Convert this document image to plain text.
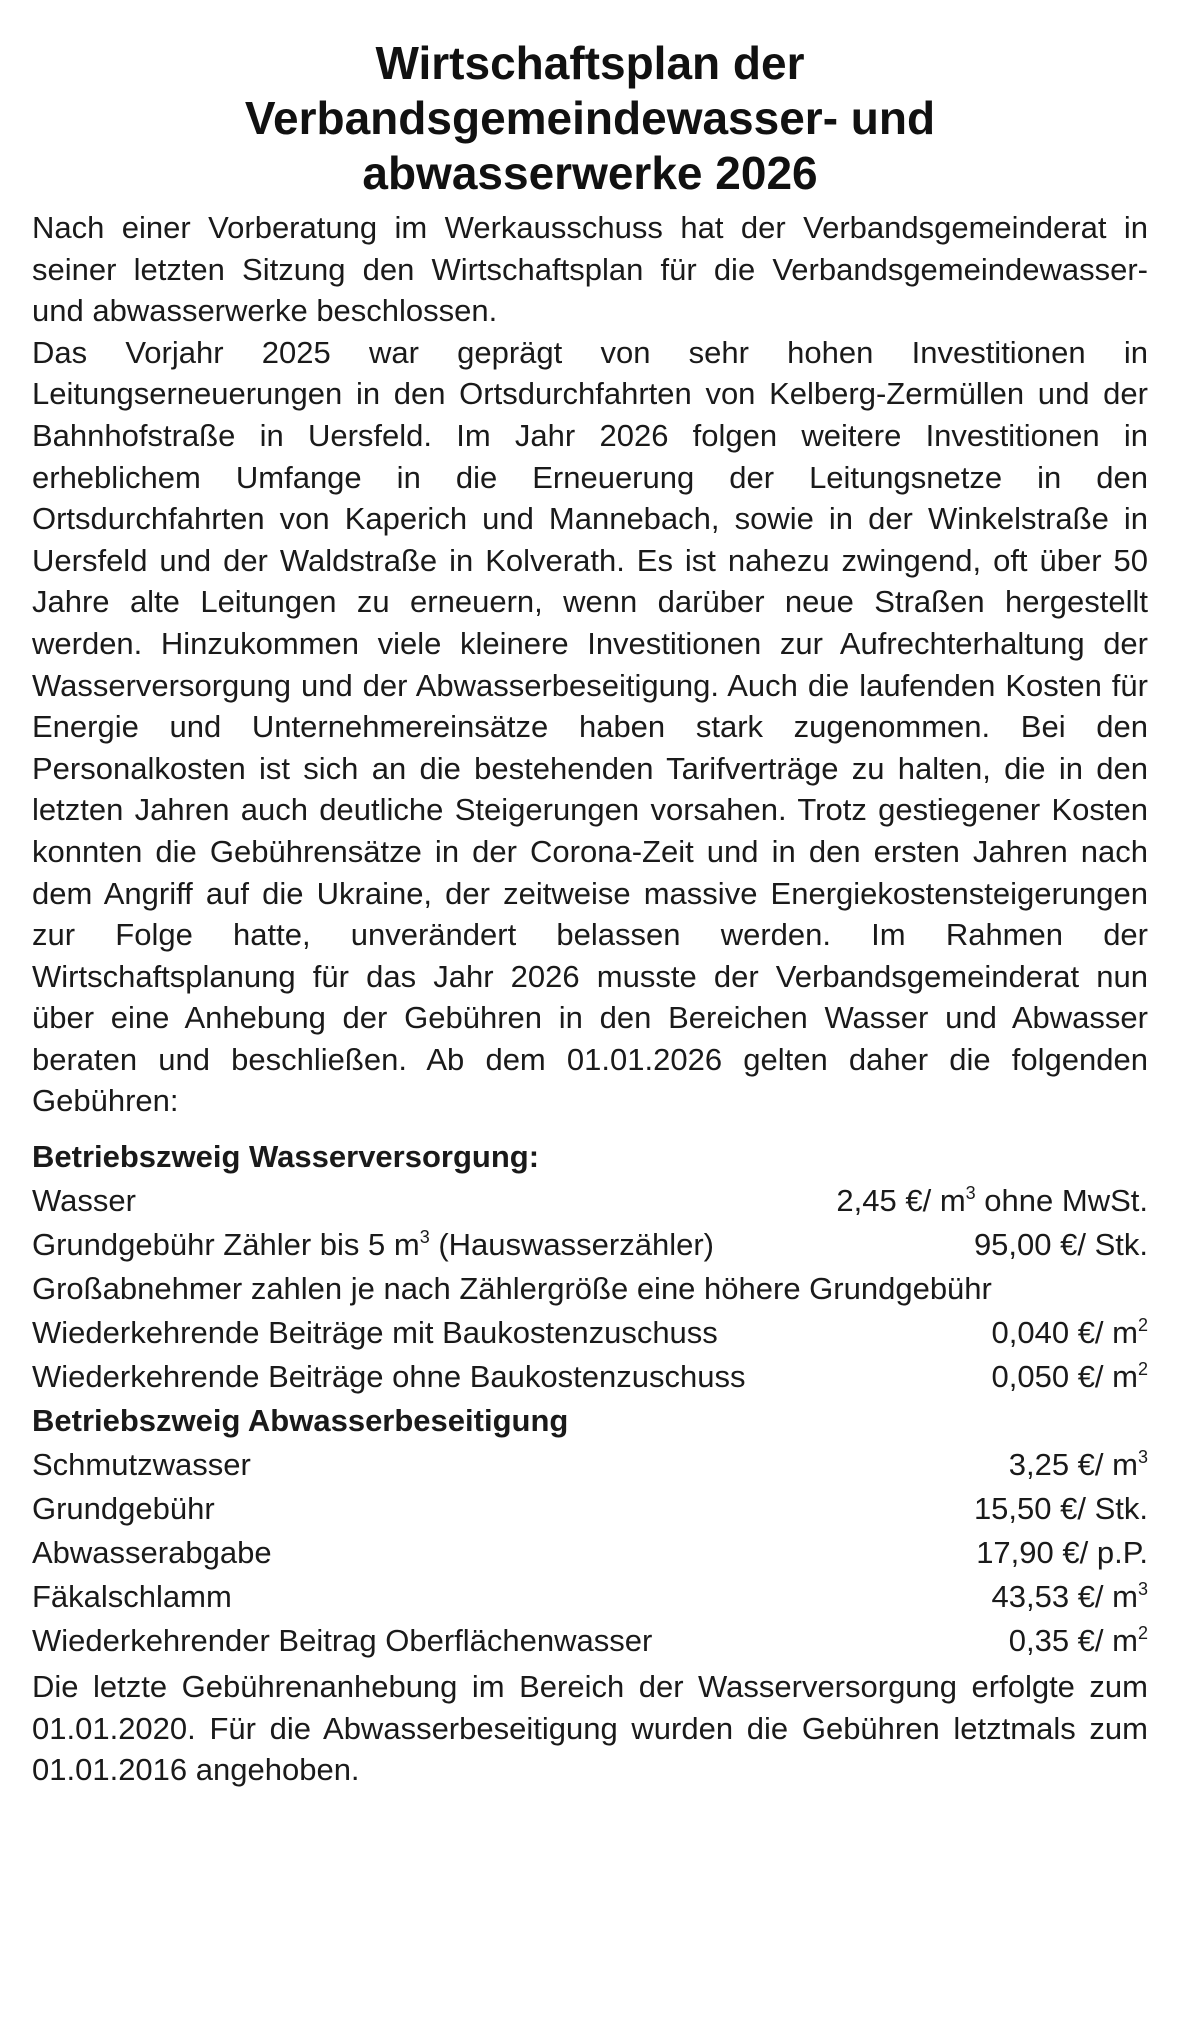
Wirtschaftsplan der
Verbandsgemeindewasser- und
abwasserwerke 2026

Nach einer Vorberatung im Werkausschuss hat der Verbandsgemeinderat in seiner letzten Sitzung den Wirtschaftsplan für die Verbandsgemeindewasser- und abwasserwerke beschlossen.

Das Vorjahr 2025 war geprägt von sehr hohen Investitionen in Leitungserneuerungen in den Ortsdurchfahrten von Kelberg-Zermüllen und der Bahnhofstraße in Uersfeld. Im Jahr 2026 folgen weitere Investitionen in erheblichem Umfange in die Erneuerung der Leitungsnetze in den Ortsdurchfahrten von Kaperich und Mannebach, sowie in der Winkelstraße in Uersfeld und der Waldstraße in Kolverath. Es ist nahezu zwingend, oft über 50 Jahre alte Leitungen zu erneuern, wenn darüber neue Straßen hergestellt werden. Hinzukommen viele kleinere Investitionen zur Aufrechterhaltung der Wasserversorgung und der Abwasserbeseitigung. Auch die laufenden Kosten für Energie und Unternehmereinsätze haben stark zugenommen. Bei den Personalkosten ist sich an die bestehenden Tarifverträge zu halten, die in den letzten Jahren auch deutliche Steigerungen vorsahen. Trotz gestiegener Kosten konnten die Gebührensätze in der Corona-Zeit und in den ersten Jahren nach dem Angriff auf die Ukraine, der zeitweise massive Energiekostensteigerungen zur Folge hatte, unverändert belassen werden. Im Rahmen der Wirtschaftsplanung für das Jahr 2026 musste der Verbandsgemeinderat nun über eine Anhebung der Gebühren in den Bereichen Wasser und Abwasser beraten und beschließen. Ab dem 01.01.2026 gelten daher die folgenden Gebühren:

Betriebszweig Wasserversorgung:
Wasser	2,45 €/ $m^3$ ohne MwSt.
Grundgebühr Zähler bis 5 $m^3$ (Hauswasserzähler)	95,00 €/ Stk.
Großabnehmer zahlen je nach Zählergröße eine höhere Grundgebühr
Wiederkehrende Beiträge mit Baukostenzuschuss	0,040 €/ $m^2$
Wiederkehrende Beiträge ohne Baukostenzuschuss	0,050 €/ $m^2$
Betriebszweig Abwasserbeseitigung
Schmutzwasser	3,25 €/ $m^3$
Grundgebühr	15,50 €/ Stk.
Abwasserabgabe	17,90 €/ p.P.
Fäkalschlamm	43,53 €/ $m^3$
Wiederkehrender Beitrag Oberflächenwasser	0,35 €/ $m^2$

Die letzte Gebührenanhebung im Bereich der Wasserversorgung erfolgte zum 01.01.2020. Für die Abwasserbeseitigung wurden die Gebühren letztmals zum 01.01.2016 angehoben.
